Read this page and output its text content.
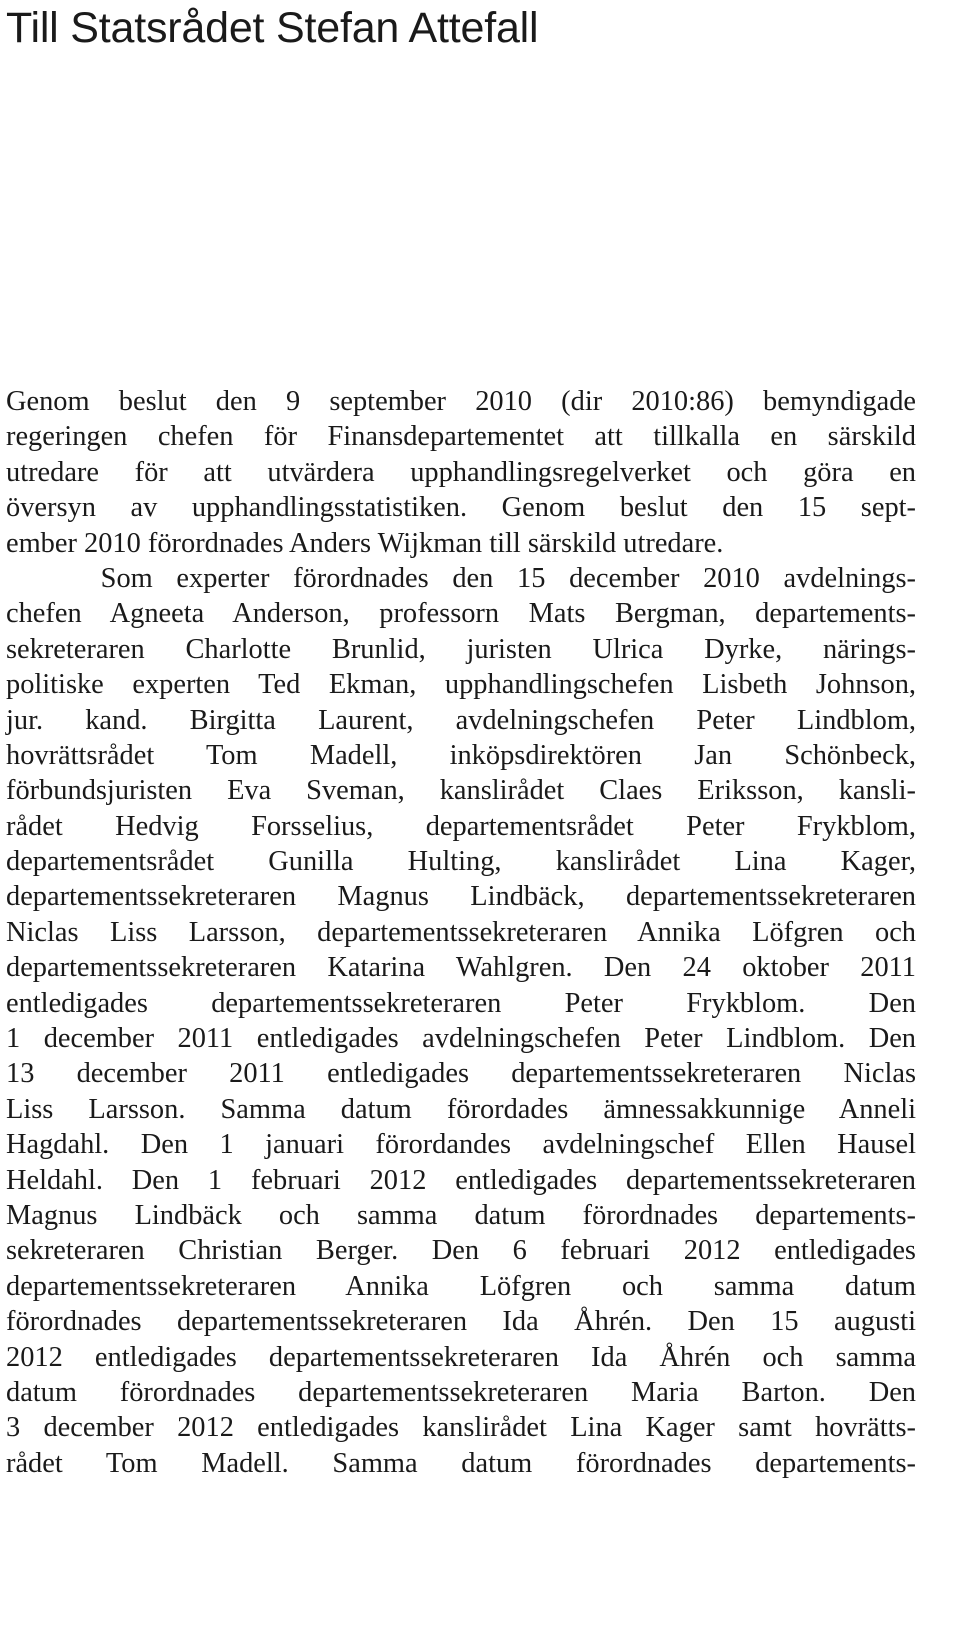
Till Statsrådet Stefan Attefall
Genom beslut den 9 september 2010 (dir 2010:86) bemyndigade
regeringen chefen för Finansdepartementet att tillkalla en särskild
utredare för att utvärdera upphandlingsregelverket och göra en
översyn av upphandlingsstatistiken. Genom beslut den 15 sept-
ember 2010 förordnades Anders Wijkman till särskild utredare.
Som experter förordnades den 15 december 2010 avdelnings-
chefen Agneeta Anderson, professorn Mats Bergman, departements-
sekreteraren Charlotte Brunlid, juristen Ulrica Dyrke, närings-
politiske experten Ted Ekman, upphandlingschefen Lisbeth Johnson,
jur. kand. Birgitta Laurent, avdelningschefen Peter Lindblom,
hovrättsrådet Tom Madell, inköpsdirektören Jan Schönbeck,
förbundsjuristen Eva Sveman, kanslirådet Claes Eriksson, kansli-
rådet Hedvig Forsselius, departementsrådet Peter Frykblom,
departementsrådet Gunilla Hulting, kanslirådet Lina Kager,
departementssekreteraren Magnus Lindbäck, departementssekreteraren
Niclas Liss Larsson, departementssekreteraren Annika Löfgren och
departementssekreteraren Katarina Wahlgren. Den 24 oktober 2011
entledigades departementssekreteraren Peter Frykblom. Den
1 december 2011 entledigades avdelningschefen Peter Lindblom. Den
13 december 2011 entledigades departementssekreteraren Niclas
Liss Larsson. Samma datum förordades ämnessakkunnige Anneli
Hagdahl. Den 1 januari förordandes avdelningschef Ellen Hausel
Heldahl. Den 1 februari 2012 entledigades departementssekreteraren
Magnus Lindbäck och samma datum förordnades departements-
sekreteraren Christian Berger. Den 6 februari 2012 entledigades
departementssekreteraren Annika Löfgren och samma datum
förordnades departementssekreteraren Ida Åhrén. Den 15 augusti
2012 entledigades departementssekreteraren Ida Åhrén och samma
datum förordnades departementssekreteraren Maria Barton. Den
3 december 2012 entledigades kanslirådet Lina Kager samt hovrätts-
rådet Tom Madell. Samma datum förordnades departements-
